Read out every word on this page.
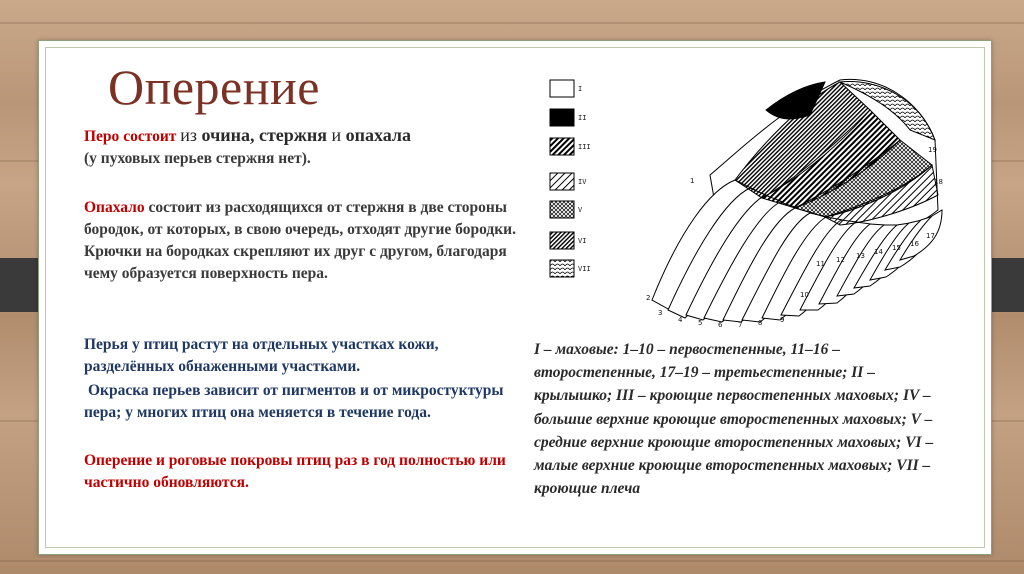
Оперение
Перо состоит из очина, стержня и опахала
(у пуховых перьев стержня нет).
Опахало состоит из расходящихся от стержня в две стороны бородок, от которых, в свою очередь, отходят другие бородки. Крючки на бородках скрепляют их друг с другом, благодаря чему образуется поверхность пера.
Перья у птиц растут на отдельных участках кожи, разделённых обнаженными участками.
Окраска перьев зависит от пигментов и от микростуктуры пера; у многих птиц она меняется в течение года.
Оперение и роговые покровы птиц раз в год полностью или частично обновляются.
I
II
III
IV
V
VI
VII
1
2
3
4 5 6 7 8	9
10
11 12 13 14 15 16
17
18
19
I – маховые: 1–10 – первостепенные, 11–16 – второстепенные, 17–19 – третьестепенные; II – крылышко; III – кроющие первостепенных маховых; IV – большие верхние кроющие второстепенных маховых; V – средние верхние кроющие второстепенных маховых; VI – малые верхние кроющие второстепенных маховых; VII – кроющие плеча
